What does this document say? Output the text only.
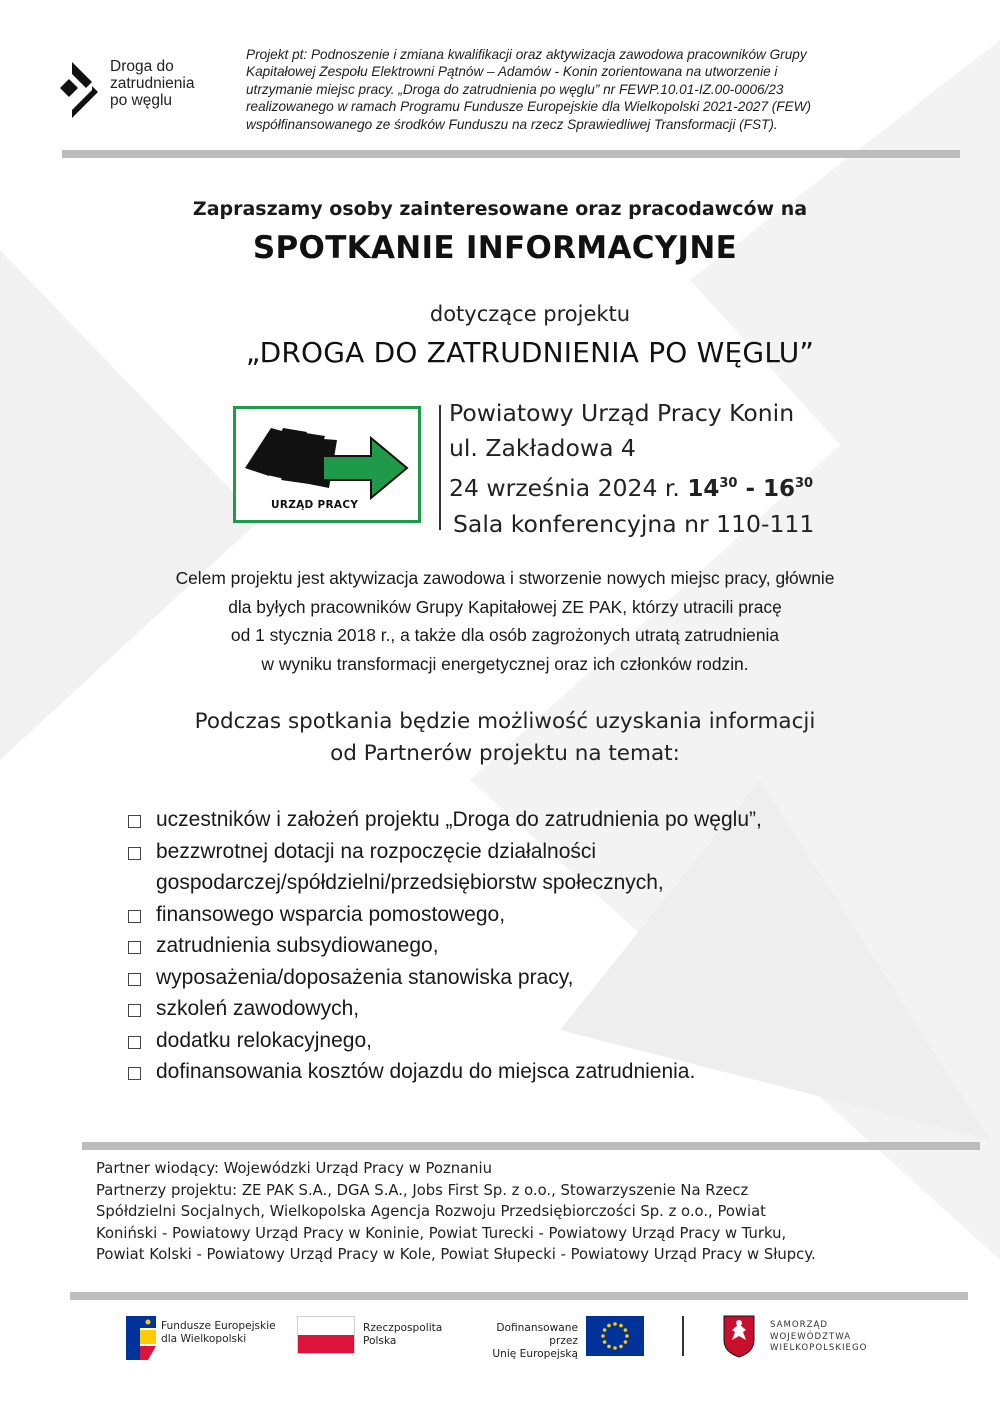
Droga do
zatrudnienia
po węglu
Projekt pt: Podnoszenie i zmiana kwalifikacji oraz aktywizacja zawodowa pracowników Grupy
Kapitałowej Zespołu Elektrowni Pątnów – Adamów - Konin zorientowana na utworzenie i
utrzymanie miejsc pracy. „Droga do zatrudnienia po węglu” nr FEWP.10.01-IZ.00-0006/23
realizowanego w ramach Programu Fundusze Europejskie dla Wielkopolski 2021-2027 (FEW)
współfinansowanego ze środków Funduszu na rzecz Sprawiedliwej Transformacji (FST).
Zapraszamy osoby zainteresowane oraz pracodawców na
SPOTKANIE INFORMACYJNE
dotyczące projektu
„DROGA DO ZATRUDNIENIA PO WĘGLU”
URZĄD PRACY
Powiatowy Urząd Pracy Konin
ul. Zakładowa 4
24 września 2024 r. $14^{30} - 16^{30}$
Sala konferencyjna nr 110-111
Celem projektu jest aktywizacja zawodowa i stworzenie nowych miejsc pracy, głównie
dla byłych pracowników Grupy Kapitałowej ZE PAK, którzy utracili pracę
od 1 stycznia 2018 r., a także dla osób zagrożonych utratą zatrudnienia
w wyniku transformacji energetycznej oraz ich członków rodzin.
Podczas spotkania będzie możliwość uzyskania informacji
od Partnerów projektu na temat:
uczestników i założeń projektu „Droga do zatrudnienia po węglu”,
bezzwrotnej dotacji na rozpoczęcie działalności
gospodarczej/spółdzielni/przedsiębiorstw społecznych,
finansowego wsparcia pomostowego,
zatrudnienia subsydiowanego,
wyposażenia/doposażenia stanowiska pracy,
szkoleń zawodowych,
dodatku relokacyjnego,
dofinansowania kosztów dojazdu do miejsca zatrudnienia.
Partner wiodący: Wojewódzki Urząd Pracy w Poznaniu
Partnerzy projektu: ZE PAK S.A., DGA S.A., Jobs First Sp. z o.o., Stowarzyszenie Na Rzecz
Spółdzielni Socjalnych, Wielkopolska Agencja Rozwoju Przedsiębiorczości Sp. z o.o., Powiat
Koniński - Powiatowy Urząd Pracy w Koninie, Powiat Turecki - Powiatowy Urząd Pracy w Turku,
Powiat Kolski - Powiatowy Urząd Pracy w Kole, Powiat Słupecki - Powiatowy Urząd Pracy w Słupcy.
Fundusze Europejskie
dla Wielkopolski
Rzeczpospolita
Polska
Dofinansowane przez
Unię Europejską
SAMORZĄD
WOJEWÓDZTWA
WIELKOPOLSKIEGO
